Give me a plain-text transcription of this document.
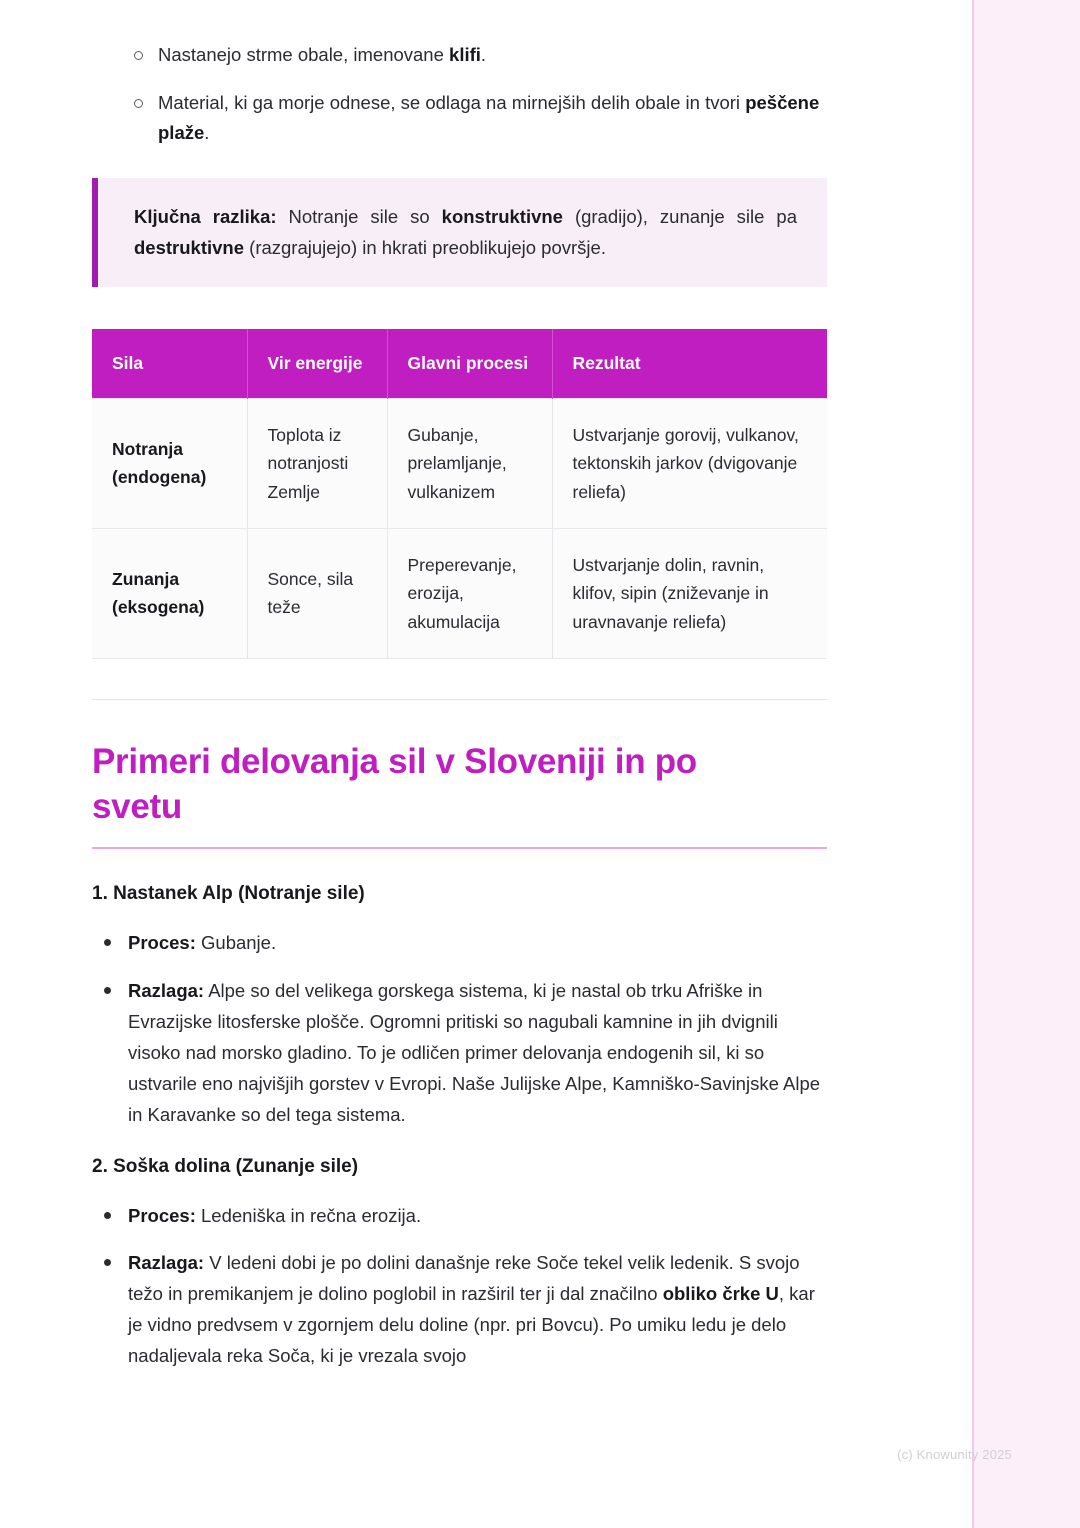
(c) Knowunity 2025
Nastanejo strme obale, imenovane klifi.
Material, ki ga morje odnese, se odlaga na mirnejših delih obale in tvori peščene plaže.

Ključna razlika: Notranje sile so konstruktivne (gradijo), zunanje sile pa destruktivne (razgrajujejo) in hkrati preoblikujejo površje.

Sila	Vir energije	Glavni procesi	Rezultat
Notranja (endogena)	Toplota iz notranjosti Zemlje	Gubanje, prelamljanje, vulkanizem	Ustvarjanje gorovij, vulkanov, tektonskih jarkov (dvigovanje reliefa)
Zunanja (eksogena)	Sonce, sila teže	Preperevanje, erozija, akumulacija	Ustvarjanje dolin, ravnin, klifov, sipin (zniževanje in uravnavanje reliefa)
Primeri delovanja sil v Sloveniji in po svetu
1. Nastanek Alp (Notranje sile)
Proces: Gubanje.
Razlaga: Alpe so del velikega gorskega sistema, ki je nastal ob trku Afriške in Evrazijske litosferske plošče. Ogromni pritiski so nagubali kamnine in jih dvignili visoko nad morsko gladino. To je odličen primer delovanja endogenih sil, ki so ustvarile eno najvišjih gorstev v Evropi. Naše Julijske Alpe, Kamniško-Savinjske Alpe in Karavanke so del tega sistema.
2. Soška dolina (Zunanje sile)
Proces: Ledeniška in rečna erozija.
Razlaga: V ledeni dobi je po dolini današnje reke Soče tekel velik ledenik. S svojo težo in premikanjem je dolino poglobil in razširil ter ji dal značilno obliko črke U, kar je vidno predvsem v zgornjem delu doline (npr. pri Bovcu). Po umiku ledu je delo nadaljevala reka Soča, ki je vrezala svojo
